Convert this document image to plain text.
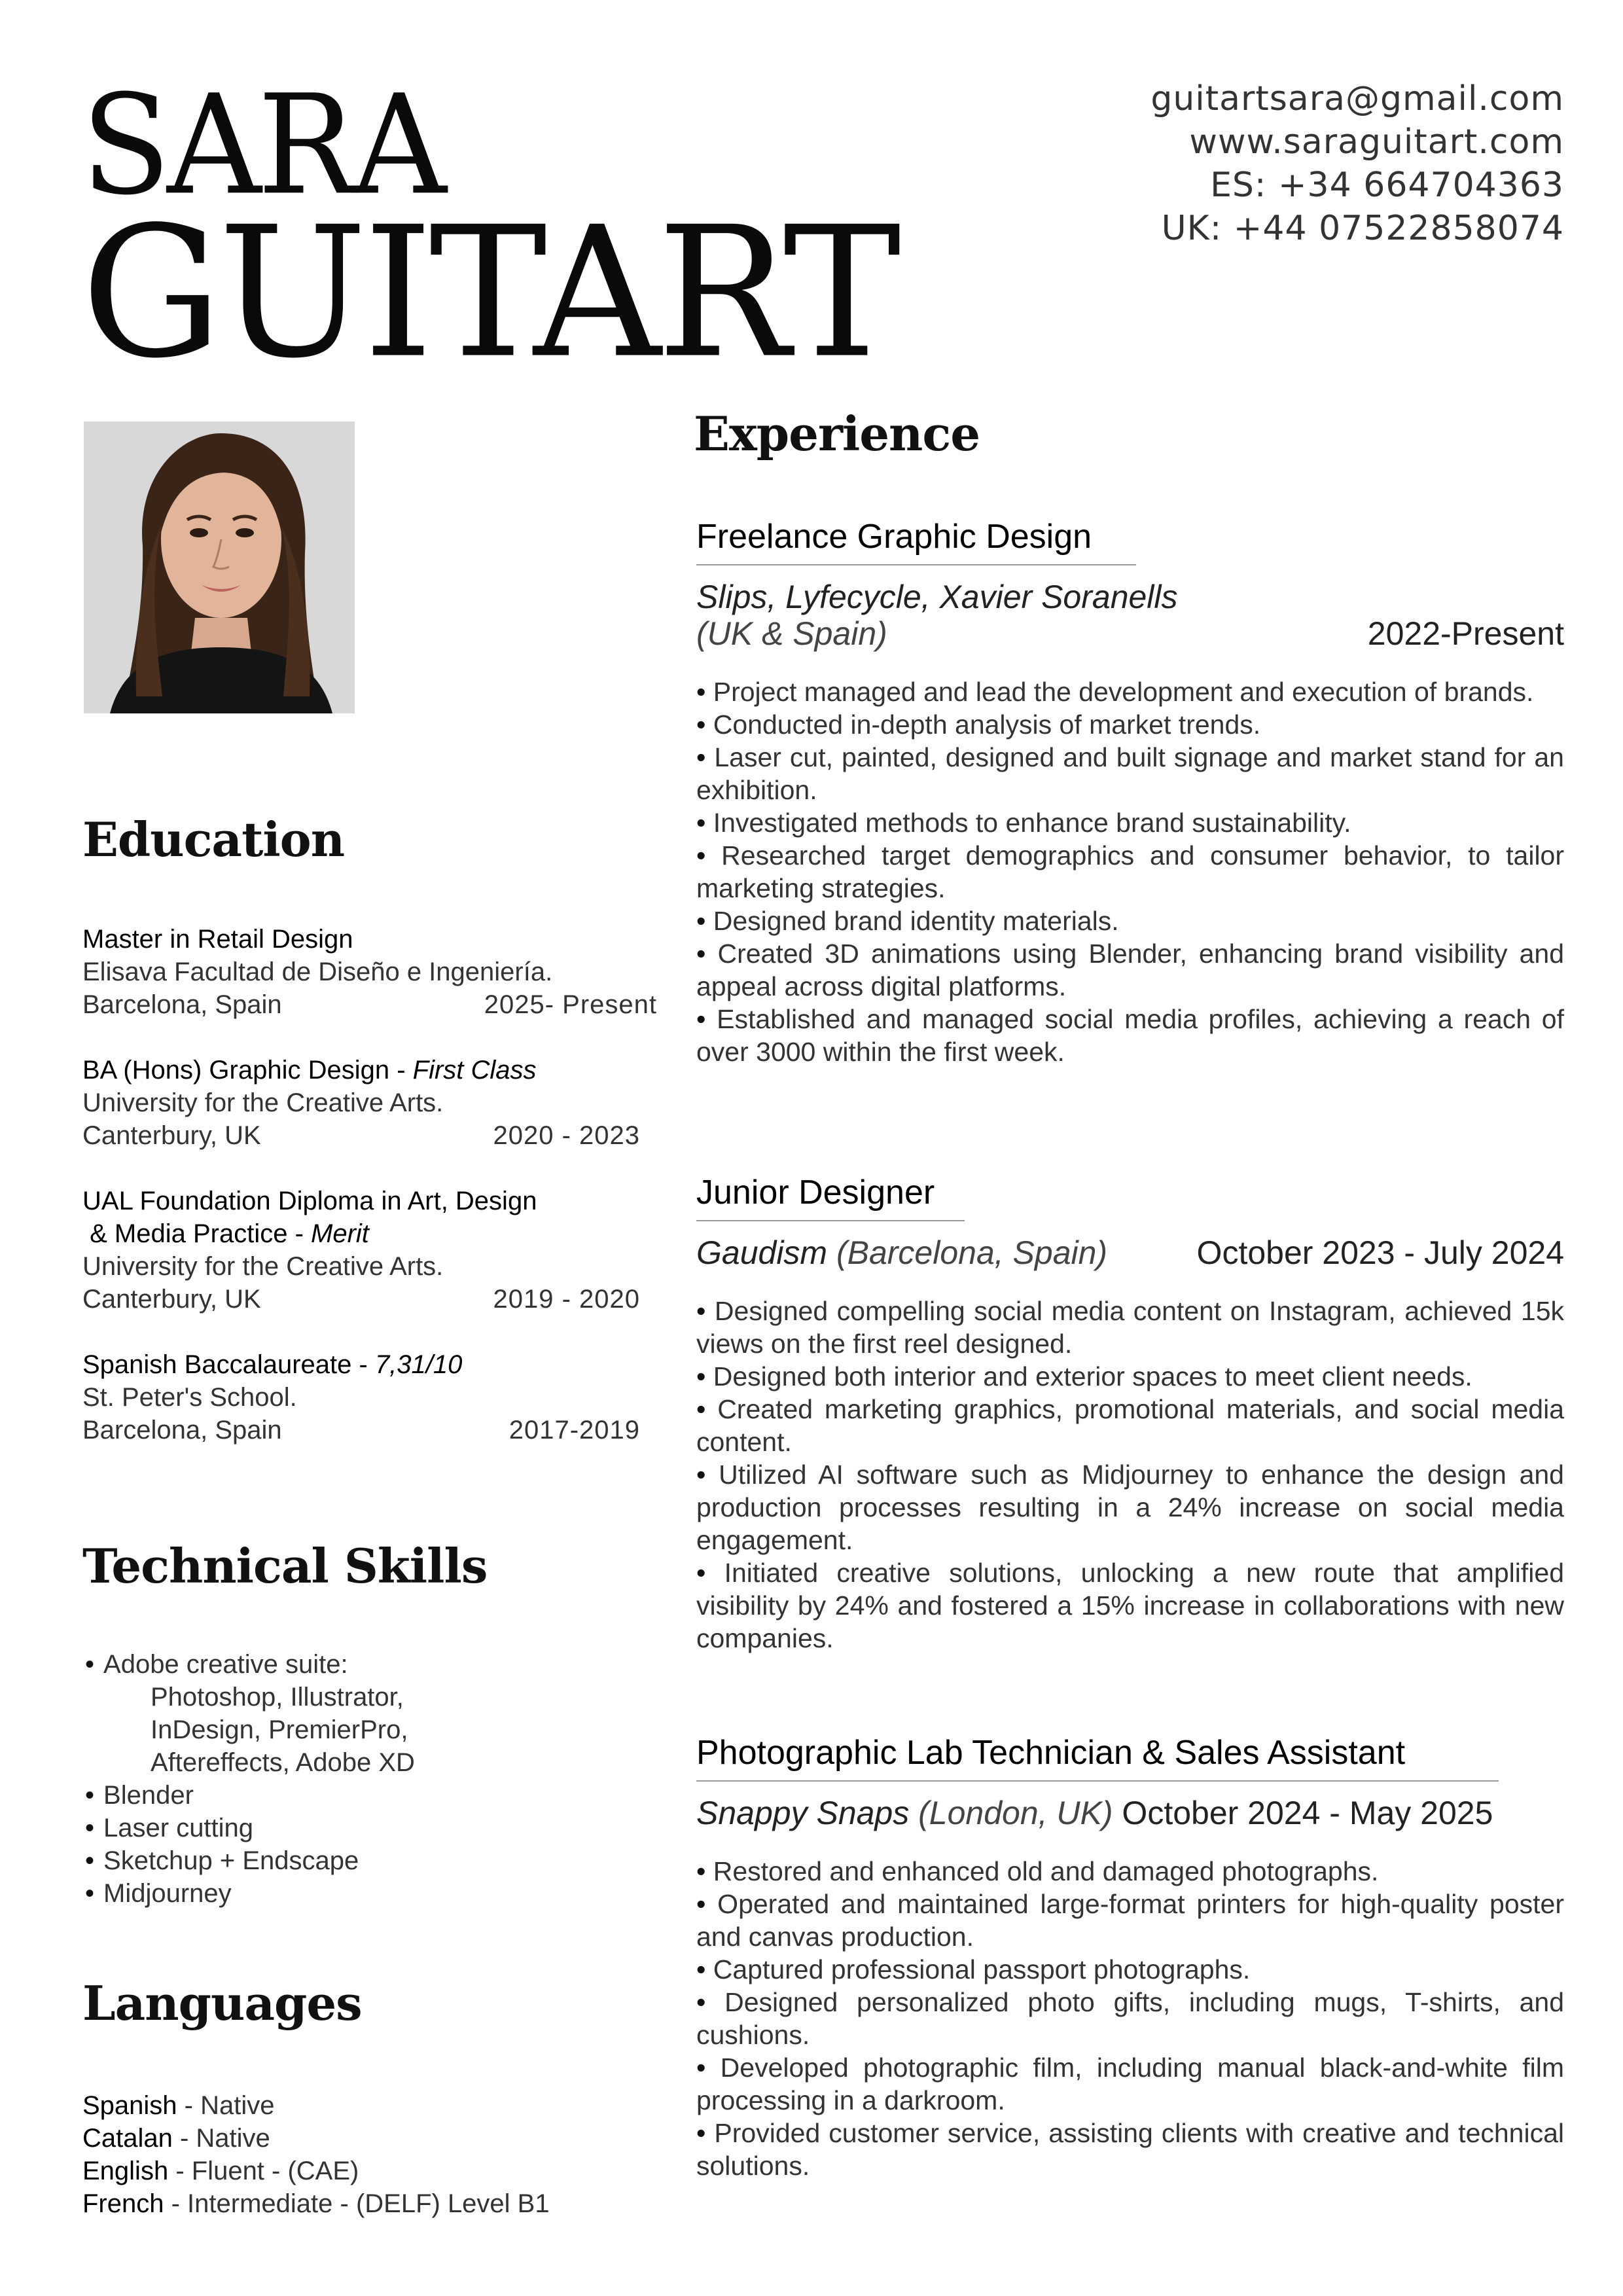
SARA
GUITART
guitartsara@gmail.com
www.saraguitart.com
ES: +34 664704363
UK: +44 07522858074
Education
Master in Retail Design
Elisava Facultad de Diseño e Ingeniería.
Barcelona, Spain	2025- Present
BA (Hons) Graphic Design - First Class
University for the Creative Arts.
Canterbury, UK	2020 - 2023
UAL Foundation Diploma in Art, Design
& Media Practice - Merit
University for the Creative Arts.
Canterbury, UK	2019 - 2020
Spanish Baccalaureate - 7,31/10
St. Peter's School.
Barcelona, Spain	2017-2019
Technical Skills
• Adobe creative suite:
Photoshop, Illustrator,
InDesign, PremierPro,
Aftereffects, Adobe XD
• Blender
• Laser cutting
• Sketchup + Endscape
• Midjourney
Languages
Spanish - Native
Catalan - Native
English - Fluent - (CAE)
French - Intermediate - (DELF) Level B1
Experience
Freelance Graphic Design
Slips, Lyfecycle, Xavier Soranells
(UK & Spain)	2022-Present
• Project managed and lead the development and execution of brands.
• Conducted in-depth analysis of market trends.
• Laser cut, painted, designed and built signage and market stand for an exhibition.
• Investigated methods to enhance brand sustainability.
• Researched target demographics and consumer behavior, to tailor marketing strategies.
• Designed brand identity materials.
• Created 3D animations using Blender, enhancing brand visibility and appeal across digital platforms.
• Established and managed social media profiles, achieving a reach of over 3000 within the first week.
Junior Designer
Gaudism (Barcelona, Spain)	October 2023 - July 2024
• Designed compelling social media content on Instagram, achieved 15k views on the first reel designed.
• Designed both interior and exterior spaces to meet client needs.
• Created marketing graphics, promotional materials, and social media content.
• Utilized AI software such as Midjourney to enhance the design and production processes resulting in a 24% increase on social media engagement.
• Initiated creative solutions, unlocking a new route that amplified visibility by 24% and fostered a 15% increase in collaborations with new companies.
Photographic Lab Technician & Sales Assistant
Snappy Snaps (London, UK) October 2024 - May 2025
• Restored and enhanced old and damaged photographs.
• Operated and maintained large-format printers for high-quality poster and canvas production.
• Captured professional passport photographs.
• Designed personalized photo gifts, including mugs, T-shirts, and cushions.
• Developed photographic film, including manual black-and-white film processing in a darkroom.
• Provided customer service, assisting clients with creative and technical solutions.
